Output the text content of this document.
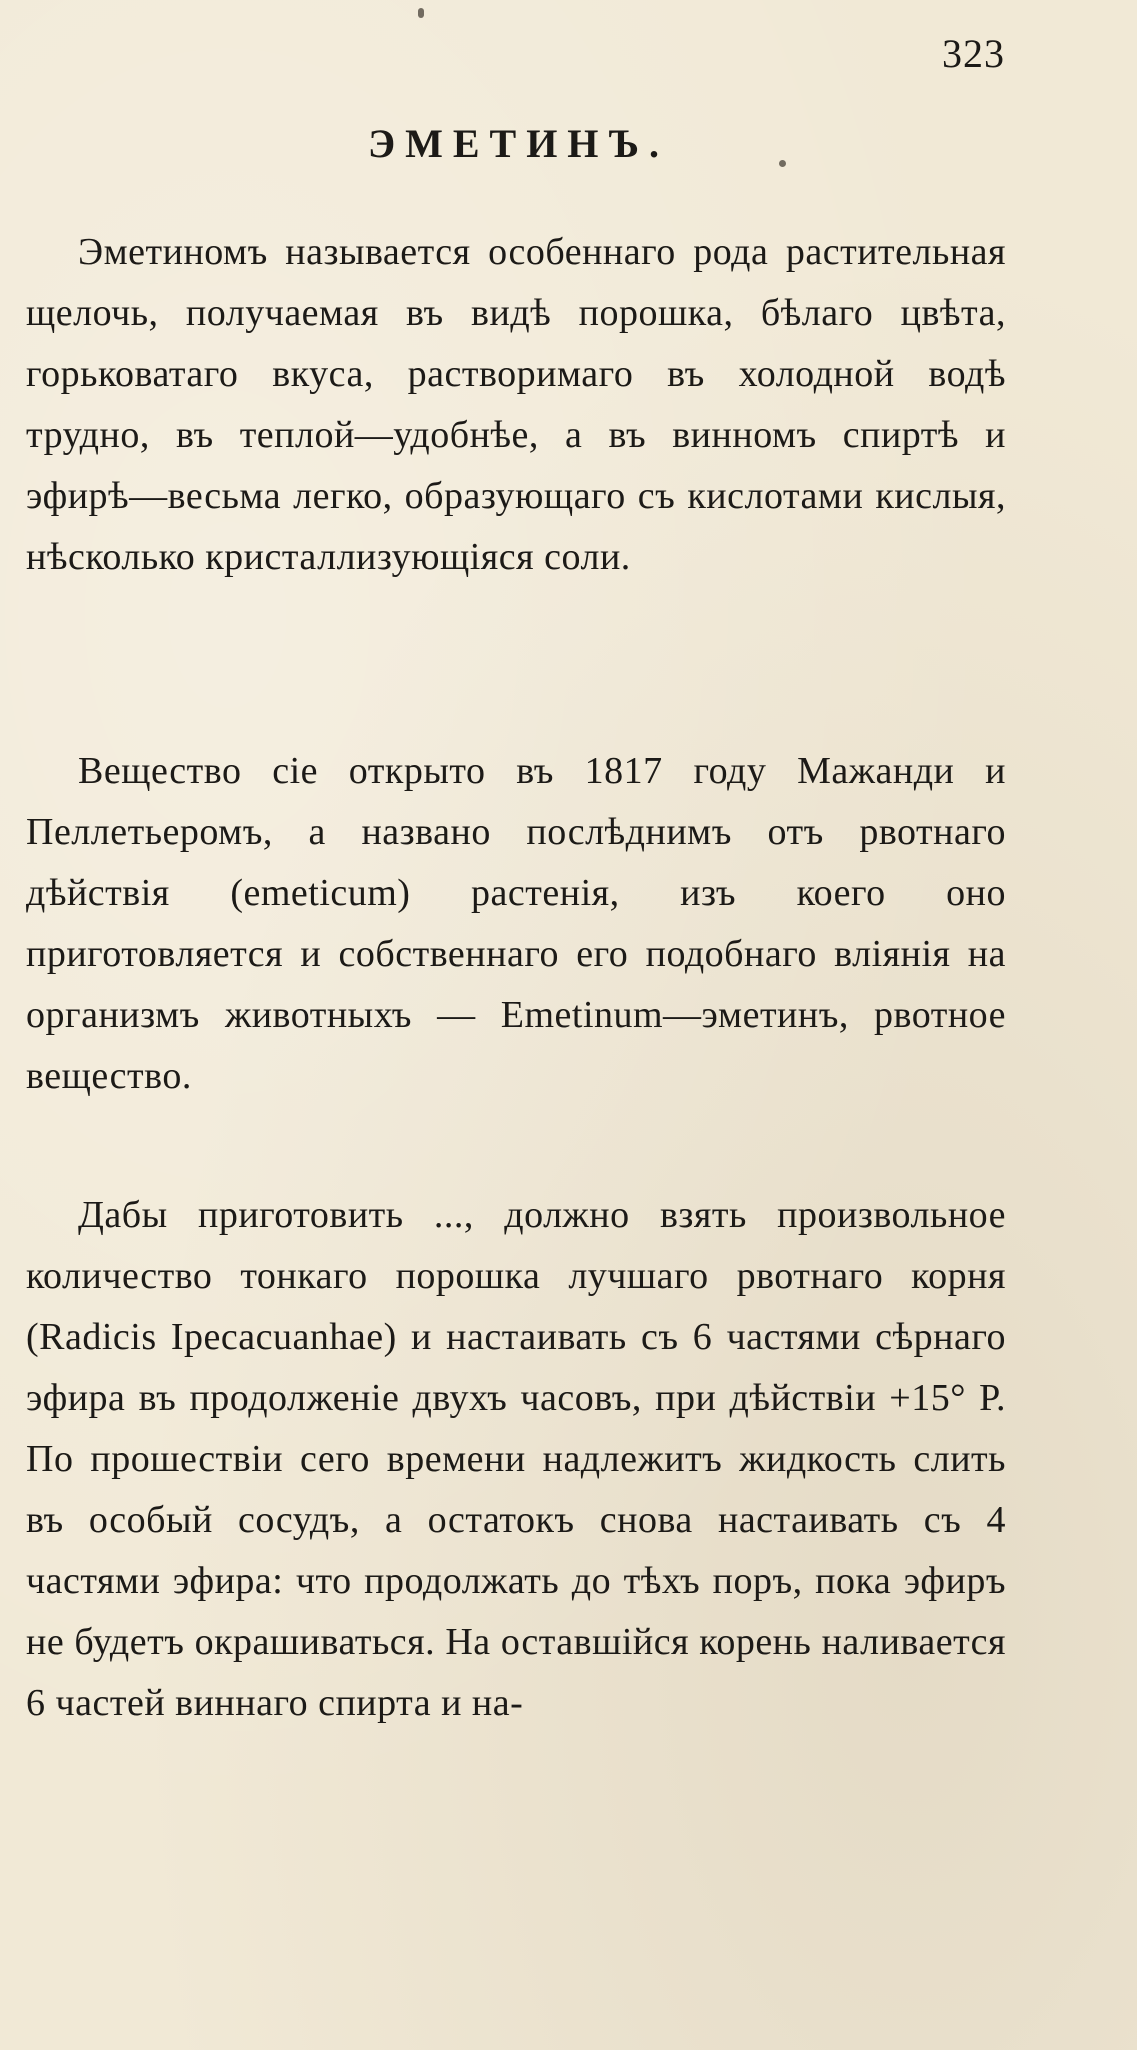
323
ЭМЕТИНЪ.

Эметиномъ называется особеннаго рода растительная щелочь, получаемая въ видѣ порошка, бѣлаго цвѣта, горьковатаго вкуса, растворимаго въ холодной водѣ трудно, въ теплой—удобнѣе, а въ винномъ спиртѣ и эфирѣ—весьма легко, образующаго съ кислотами кислыя, нѣсколько кристаллизующіяся соли.

Вещество сіе открыто въ 1817 году Мажанди и Пеллетьеромъ, а названо послѣднимъ отъ рвотнаго дѣйствія (emeticum) растенія, изъ коего оно приготовляется и собственнаго его подобнаго вліянія на организмъ животныхъ — Emetinum—эметинъ, рвотное вещество.

Дабы приготовить ..., должно взять произвольное количество тонкаго порошка лучшаго рвотнаго корня (Radicis Ipecacuanhae) и настаивать съ 6 частями сѣрнаго эфира въ продолженіе двухъ часовъ, при дѣйствіи +15° Р. По прошествіи сего времени надлежитъ жидкость слить въ особый сосудъ, а остатокъ снова настаивать съ 4 частями эфира: что продолжать до тѣхъ поръ, пока эфиръ не будетъ окрашиваться. На оставшійся корень наливается 6 частей виннаго спирта и на-
